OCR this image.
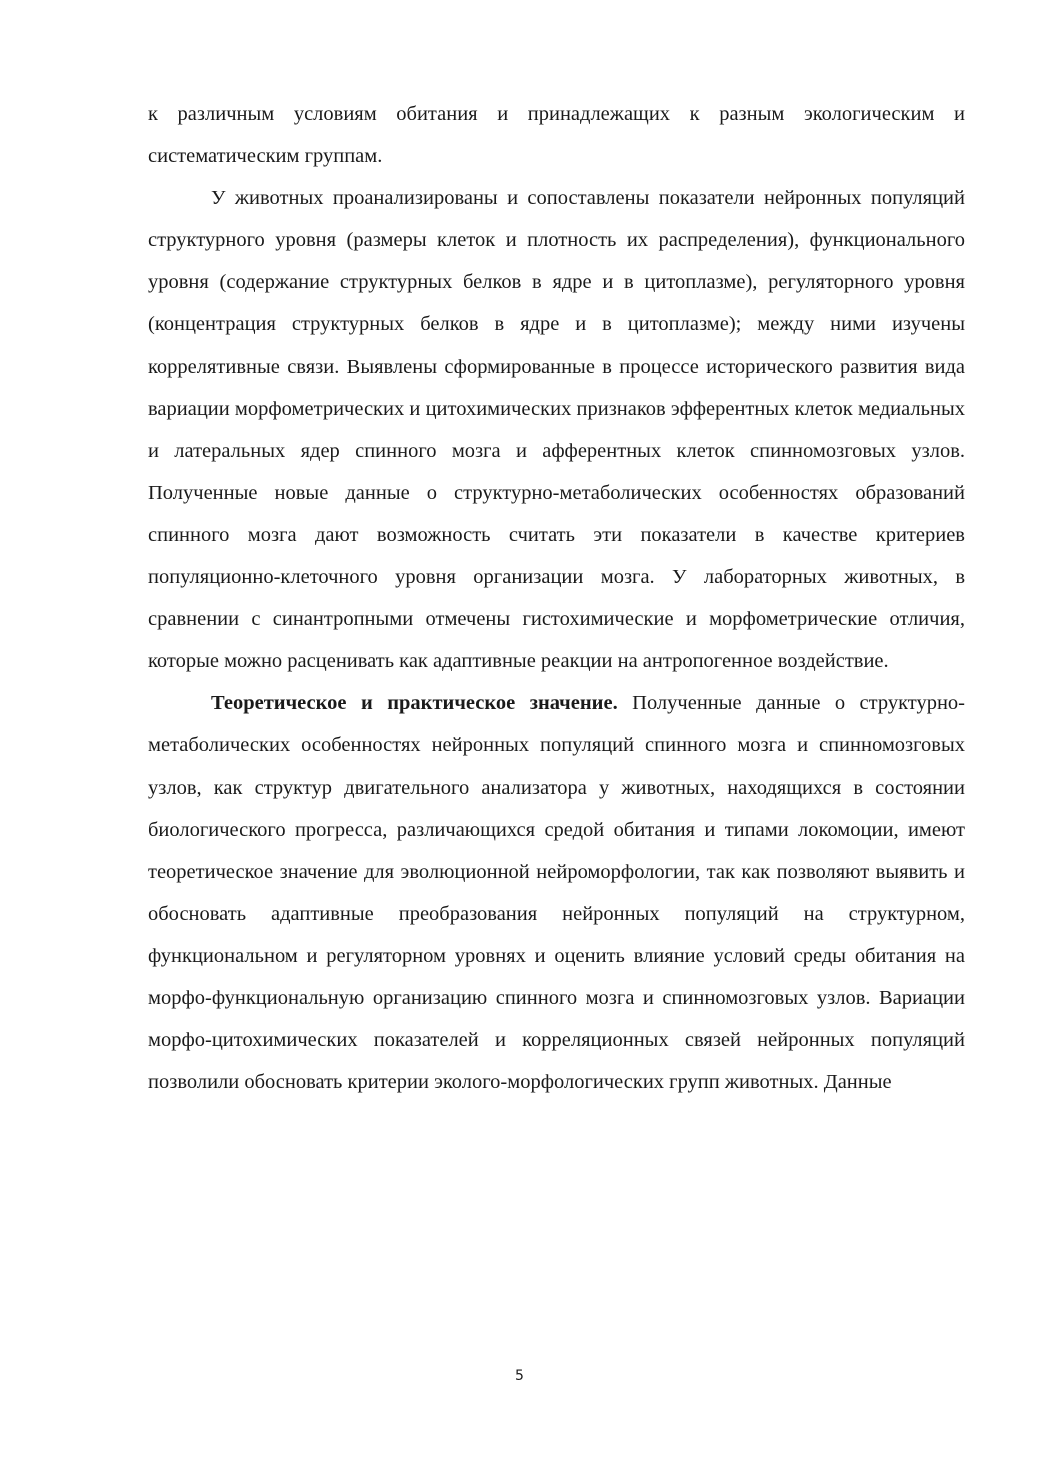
к различным условиям обитания и принадлежащих к разным экологическим и систематическим группам.

У животных проанализированы и сопоставлены показатели нейронных популяций структурного уровня (размеры клеток и плотность их распределения), функционального уровня (содержание структурных белков в ядре и в цитоплазме), регуляторного уровня (концентрация структурных белков в ядре и в цитоплазме); между ними изучены коррелятивные связи. Выявлены сформированные в процессе исторического развития вида вариации морфометрических и цитохимических признаков эфферентных клеток медиальных и латеральных ядер спинного мозга и афферентных клеток спинномозговых узлов. Полученные новые данные о структурно-метаболических особенностях образований спинного мозга дают возможность считать эти показатели в качестве критериев популяционно-клеточного уровня организации мозга. У лабораторных животных, в сравнении с синантропными отмечены гистохимические и морфометрические отличия, которые можно расценивать как адаптивные реакции на антропогенное воздействие.

Теоретическое и практическое значение. Полученные данные о структурно-метаболических особенностях нейронных популяций спинного мозга и спинномозговых узлов, как структур двигательного анализатора у животных, находящихся в состоянии биологического прогресса, различающихся средой обитания и типами локомоции, имеют теоретическое значение для эволюционной нейроморфологии, так как позволяют выявить и обосновать адаптивные преобразования нейронных популяций на структурном, функциональном и регуляторном уровнях и оценить влияние условий среды обитания на морфо-функциональную организацию спинного мозга и спинномозговых узлов. Вариации морфо-цитохимических показателей и корреляционных связей нейронных популяций позволили обосновать критерии эколого-морфологических групп животных. Данные

5
